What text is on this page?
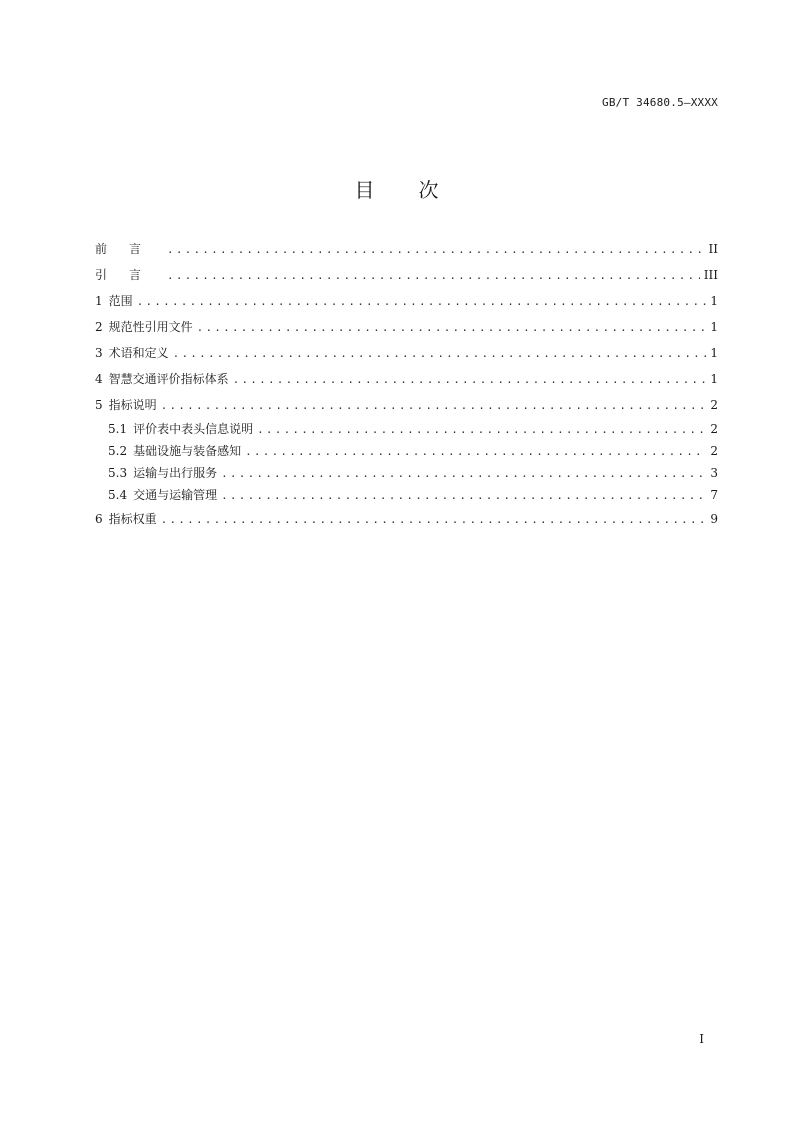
GB/T 34680.5—XXXX
目 次
前言 .....	II
引言 .....	III
1 范围 .....	1
2 规范性引用文件 .....	1
3 术语和定义 .....	1
4 智慧交通评价指标体系 .....	1
5 指标说明 .....	2
5.1 评价表中表头信息说明 .....	2
5.2 基础设施与装备感知 .....	2
5.3 运输与出行服务 .....	3
5.4 交通与运输管理 .....	7
6 指标权重 .....	9
I
